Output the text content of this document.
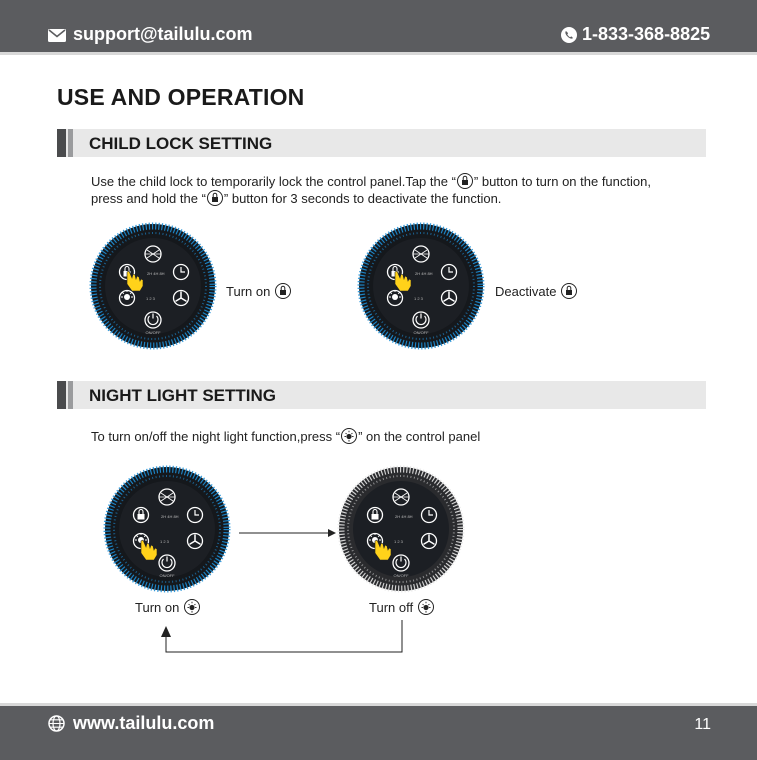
support@tailulu.com	1-833-368-8825
USE AND OPERATION
CHILD LOCK SETTING
Use the child lock to temporarily lock the control panel.Tap the “ ” button to turn on the function,
press and hold the “ ” button for 3 seconds to deactivate the function.
Turn on	Deactivate
NIGHT LIGHT SETTING
To turn on/off the night light function,press “ ” on the control panel
Turn on	Turn off
www.tailulu.com	11
